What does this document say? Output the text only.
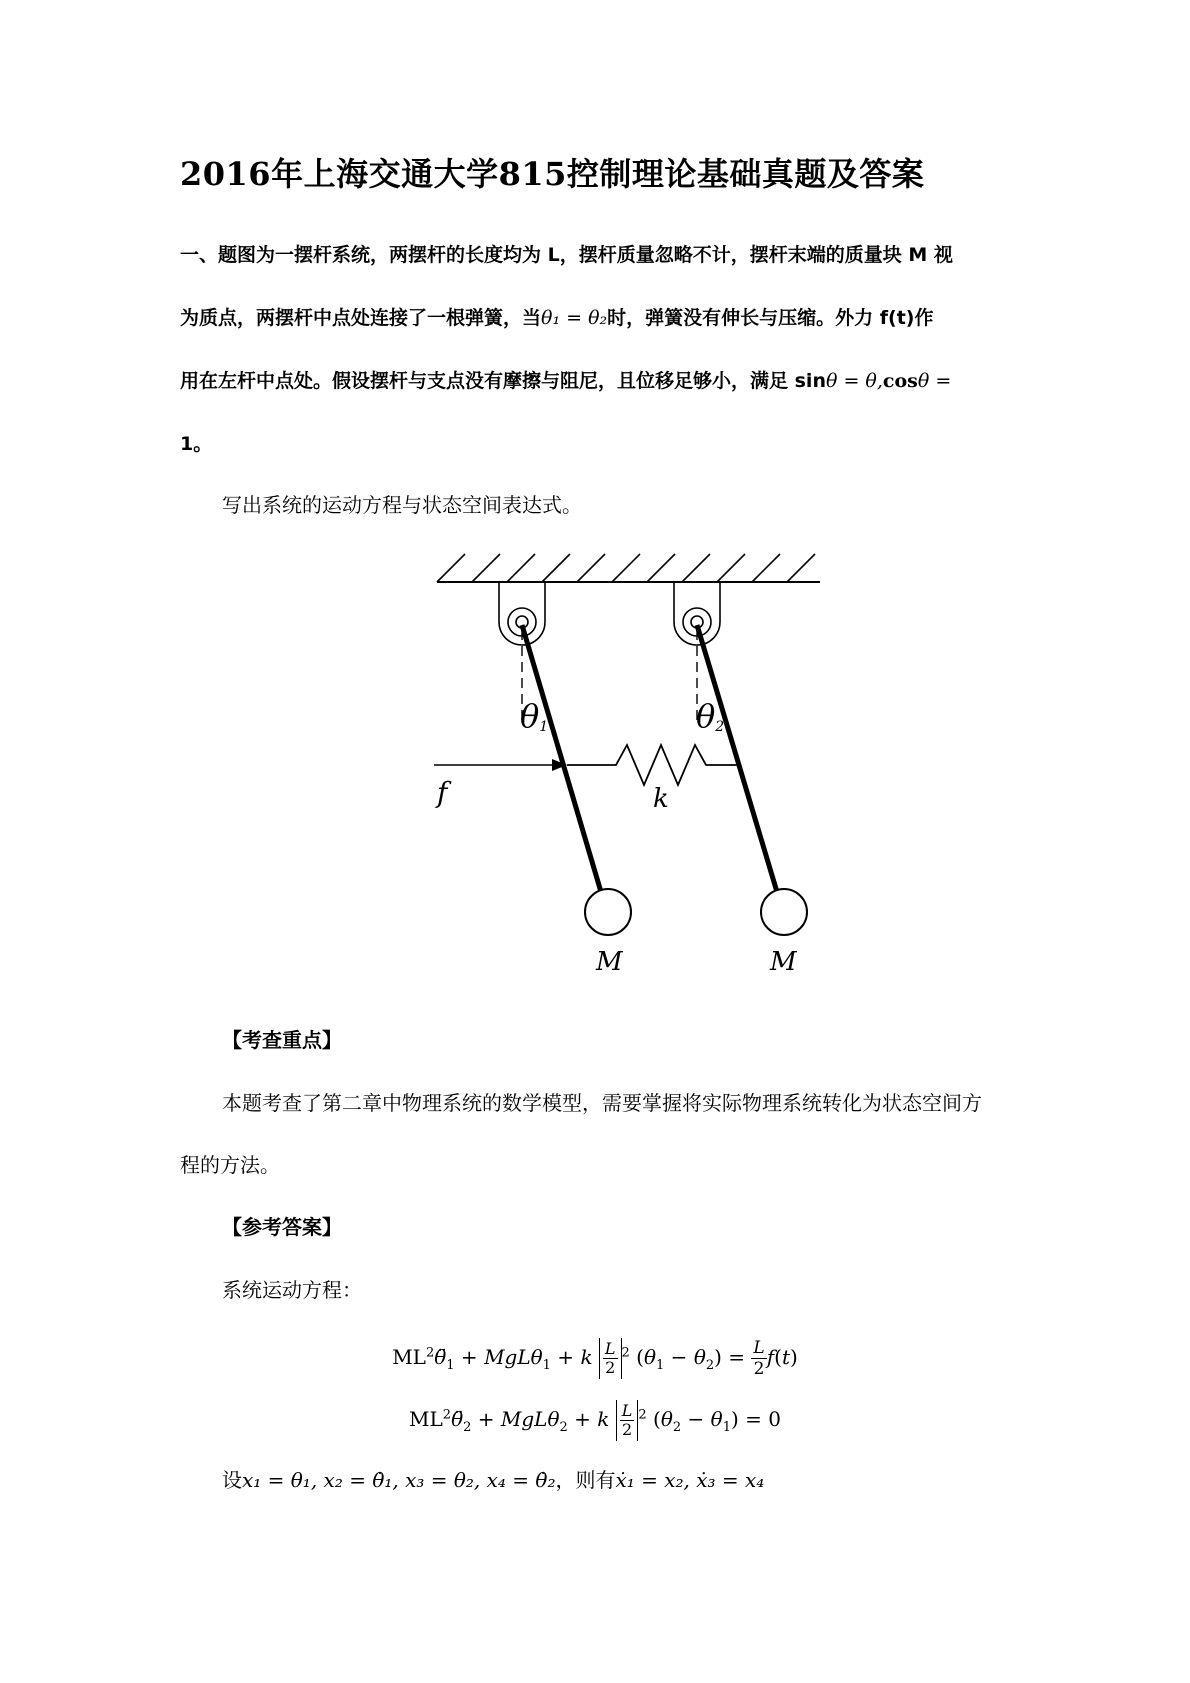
2016年上海交通大学815控制理论基础真题及答案
一、题图为一摆杆系统，两摆杆的长度均为 L，摆杆质量忽略不计，摆杆末端的质量块 M 视
为质点，两摆杆中点处连接了一根弹簧，当θ₁ = θ₂时，弹簧没有伸长与压缩。外力 f(t)作
用在左杆中点处。假设摆杆与支点没有摩擦与阻尼，且位移足够小，满足 sinθ = θ,cosθ =
1。
写出系统的运动方程与状态空间表达式。
θ1	θ2
f	k
M	M
【考查重点】
本题考查了第二章中物理系统的数学模型，需要掌握将实际物理系统转化为状态空间方
程的方法。
【参考答案】
系统运动方程：
$ML^2\thetä_1 + MgL\theta_1 + k \frac{L}{2} ^2$ $(\theta_1 - \theta_2) = \frac{L}{2} f(t)$
$ML^2\thetä_2 + MgL\theta_2 + k \frac{L}{2} ^2$ $(\theta_2 - \theta_1) = 0$
设x₁ = θ₁, x₂ = θ̇₁, x₃ = θ₂, x₄ = θ̇₂，则有ẋ₁ = x₂, ẋ₃ = x₄
